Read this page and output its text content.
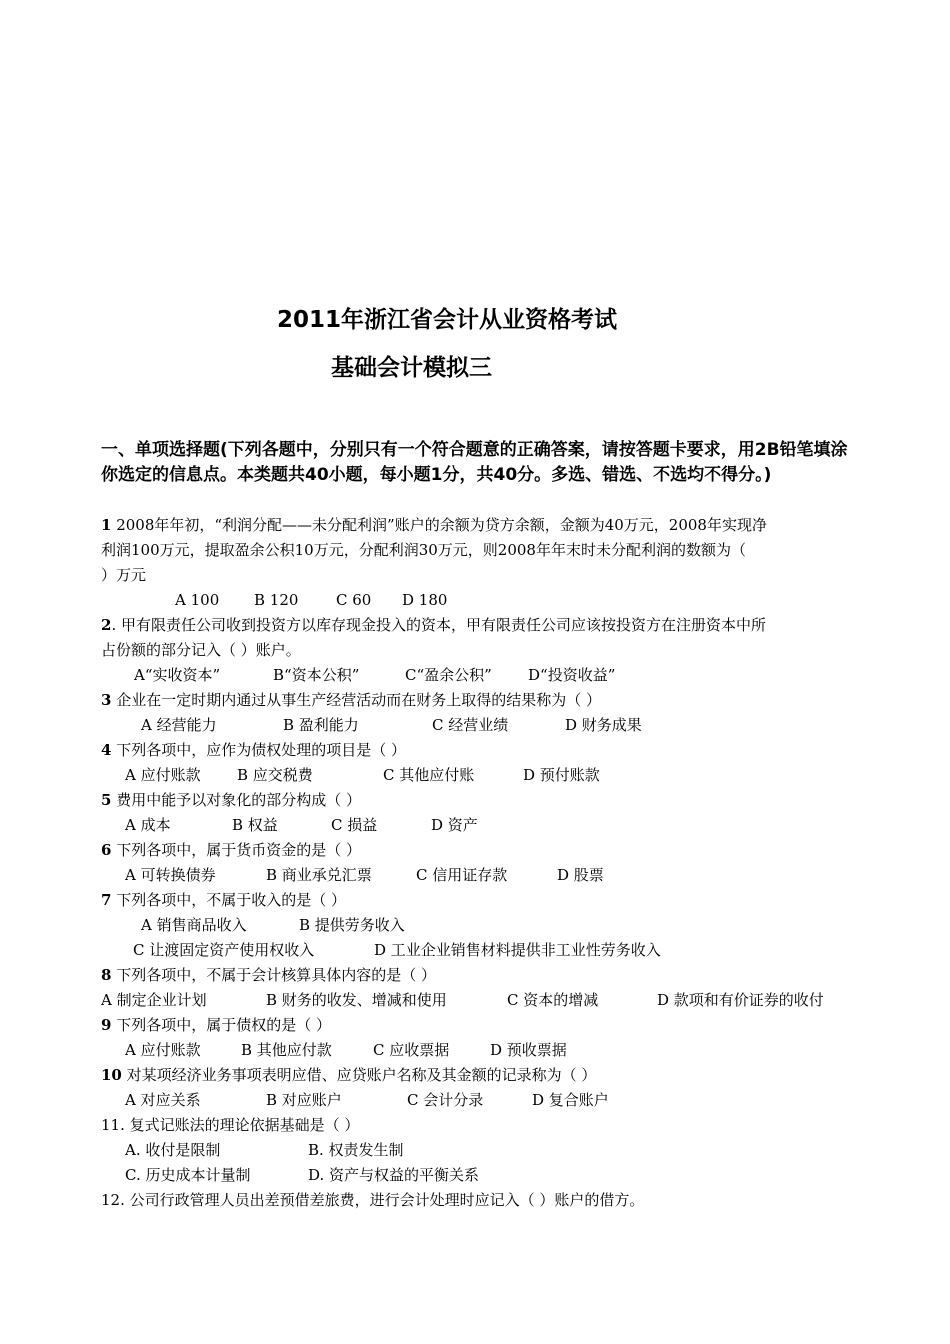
2011年浙江省会计从业资格考试
基础会计模拟三
一、单项选择题(下列各题中，分别只有一个符合题意的正确答案，请按答题卡要求，用2B铅笔填涂你选定的信息点。本类题共40小题，每小题1分，共40分。多选、错选、不选均不得分。)
1 2008年年初，“利润分配——未分配利润”账户的余额为贷方余额，金额为40万元，2008年实现净
利润100万元，提取盈余公积10万元，分配利润30万元，则2008年年末时未分配利润的数额为（
）万元
A 100 B 120	C 60 D 180
2. 甲有限责任公司收到投资方以库存现金投入的资本，甲有限责任公司应该按投资方在注册资本中所
占份额的部分记入（ ）账户。
A“实收资本”	B“资本公积”	C“盈余公积” D“投资收益”
3 企业在一定时期内通过从事生产经营活动而在财务上取得的结果称为（ ）
A 经营能力	B 盈利能力	C 经营业绩	D 财务成果
4 下列各项中，应作为债权处理的项目是（ ）
A 应付账款 B 应交税费	C 其他应付账	D 预付账款
5 费用中能予以对象化的部分构成（ ）
A 成本	B 权益	C 损益	D 资产
6 下列各项中，属于货币资金的是（ ）
A 可转换债券	B 商业承兑汇票	C 信用证存款	D 股票
7 下列各项中，不属于收入的是（ ）
A 销售商品收入	B 提供劳务收入
C 让渡固定资产使用权收入	D 工业企业销售材料提供非工业性劳务收入
8 下列各项中，不属于会计核算具体内容的是（ ）
A 制定企业计划	B 财务的收发、增减和使用	C 资本的增减	D 款项和有价证券的收付
9 下列各项中，属于债权的是（ ）
A 应付账款	B 其他应付款	C 应收票据	D 预收票据
10 对某项经济业务事项表明应借、应贷账户名称及其金额的记录称为（ ）
A 对应关系	B 对应账户	C 会计分录	D 复合账户
11. 复式记账法的理论依据基础是（ ）
A. 收付是限制	B. 权责发生制
C. 历史成本计量制	D. 资产与权益的平衡关系
12. 公司行政管理人员出差预借差旅费，进行会计处理时应记入（ ）账户的借方。
